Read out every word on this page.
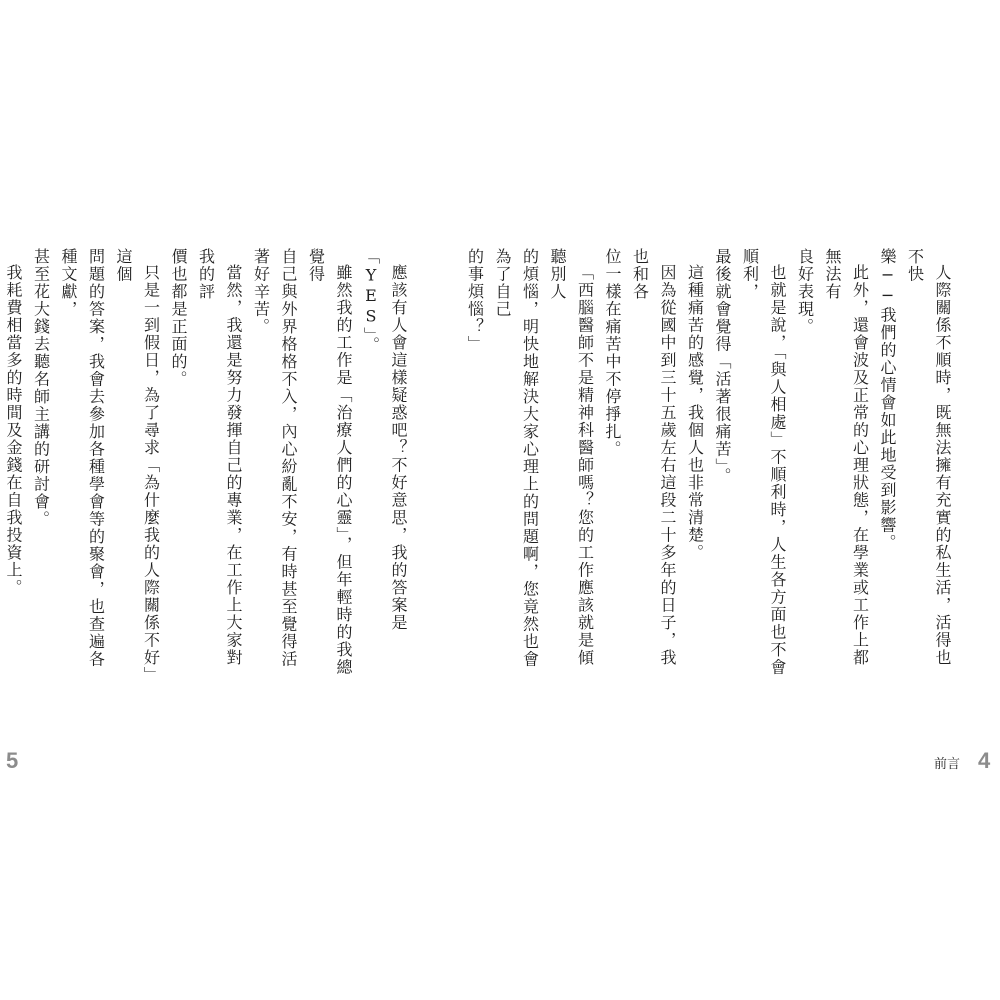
人際關係不順時，既無法擁有充實的私生活，活得也不快
樂──我們的心情會如此地受到影響。

此外，還會波及正常的心理狀態，在學業或工作上都無法有
良好表現。

也就是說，「與人相處」不順利時，人生各方面也不會順利，
最後就會覺得「活著很痛苦」。

這種痛苦的感覺，我個人也非常清楚。

因為從國中到三十五歲左右這段二十多年的日子，我也和各
位一樣在痛苦中不停掙扎。

「西腦醫師不是精神科醫師嗎？您的工作應該就是傾聽別人
的煩惱，明快地解決大家心理上的問題啊，您竟然也會為了自己
的事煩惱？」

應該有人會這樣疑惑吧？不好意思，我的答案是「YES」。

雖然我的工作是「治療人們的心靈」，但年輕時的我總覺得
自己與外界格格不入，內心紛亂不安，有時甚至覺得活著好辛苦。

當然，我還是努力發揮自己的專業，在工作上大家對我的評
價也都是正面的。

只是一到假日，為了尋求「為什麼我的人際關係不好」這個
問題的答案，我會去參加各種學會等的聚會，也查遍各種文獻，
甚至花大錢去聽名師主講的研討會。

我耗費相當多的時間及金錢在自我投資上。

前言 4
5
